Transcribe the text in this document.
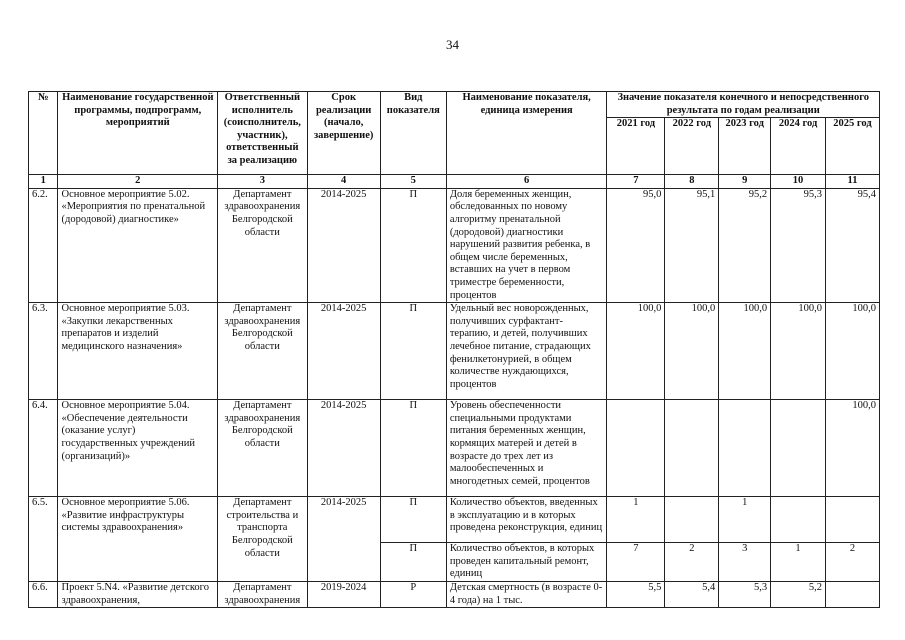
34
№	Наименование государственной программы, подпрограмм, мероприятий	Ответственный исполнитель (соисполнитель, участник), ответственный за реализацию	Срок реализации (начало, завершение)	Вид показателя	Наименование показателя, единица измерения	Значение показателя конечного и непосредственного результата по годам реализации				
						2021 год	2022 год	2023 год	2024 год	2025 год
1	2	3	4	5	6	7	8	9	10	11
6.2.	Основное мероприятие 5.02. «Мероприятия по пренатальной (дородовой) диагностике»	Департамент здравоохранения Белгородской области	2014-2025	П	Доля беременных женщин, обследованных по новому алгоритму пренатальной (дородовой) диагностики нарушений развития ребенка, в общем числе беременных, вставших на учет в первом триместре беременности, процентов	95,0	95,1	95,2	95,3	95,4
6.3.	Основное мероприятие 5.03. «Закупки лекарственных препаратов и изделий медицинского назначения»	Департамент здравоохранения Белгородской области	2014-2025	П	Удельный вес новорожденных, получивших сурфактант-терапию, и детей, получивших лечебное питание, страдающих фенилкетонурией, в общем количестве нуждающихся, процентов	100,0	100,0	100,0	100,0	100,0
6.4.	Основное мероприятие 5.04. «Обеспечение деятельности (оказание услуг) государственных учреждений (организаций)»	Департамент здравоохранения Белгородской области	2014-2025	П	Уровень обеспеченности специальными продуктами питания беременных женщин, кормящих матерей и детей в возрасте до трех лет из малообеспеченных и многодетных семей, процентов					100,0
6.5.	Основное мероприятие 5.06. «Развитие инфраструктуры системы здравоохранения»	Департамент строительства и транспорта Белгородской области	2014-2025	П	Количество объектов, введенных в эксплуатацию и в которых проведена реконструкция, единиц	1		1		
				П	Количество объектов, в которых проведен капитальный ремонт, единиц	7	2	3	1	2
6.6.	Проект 5.N4. «Развитие детского здравоохранения,	Департамент здравоохранения	2019-2024	Р	Детская смертность (в возрасте 0-4 года) на 1 тыс.	5,5	5,4	5,3	5,2	
